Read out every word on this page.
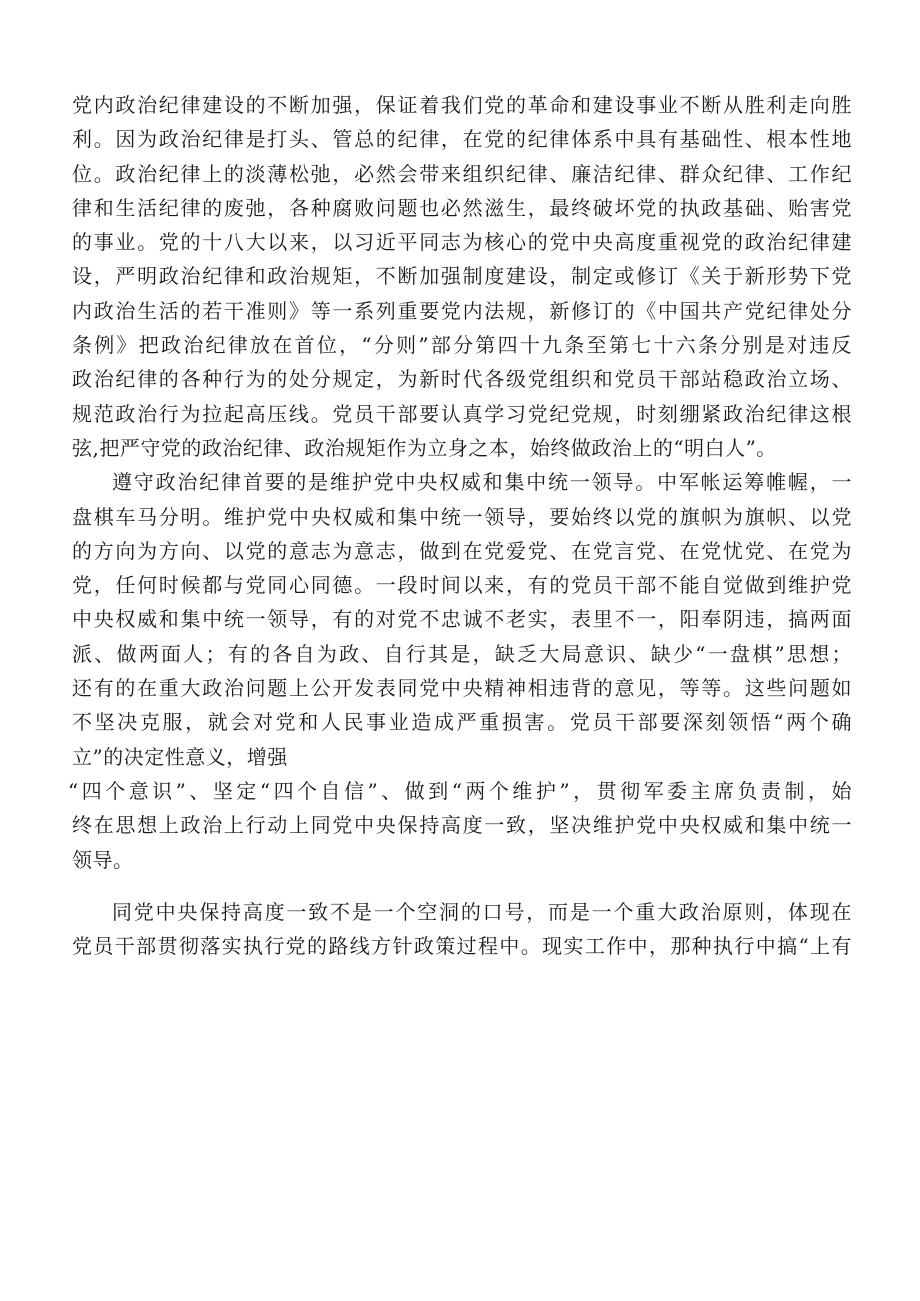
党内政治纪律建设的不断加强，保证着我们党的革命和建设事业不断从胜利走向胜
利。因为政治纪律是打头、管总的纪律，在党的纪律体系中具有基础性、根本性地
位。政治纪律上的淡薄松弛，必然会带来组织纪律、廉洁纪律、群众纪律、工作纪
律和生活纪律的废弛，各种腐败问题也必然滋生，最终破坏党的执政基础、贻害党
的事业。党的十八大以来，以习近平同志为核心的党中央高度重视党的政治纪律建
设，严明政治纪律和政治规矩，不断加强制度建设，制定或修订《关于新形势下党
内政治生活的若干准则》等一系列重要党内法规，新修订的《中国共产党纪律处分
条例》把政治纪律放在首位，“分则”部分第四十九条至第七十六条分别是对违反
政治纪律的各种行为的处分规定，为新时代各级党组织和党员干部站稳政治立场、
规范政治行为拉起高压线。党员干部要认真学习党纪党规，时刻绷紧政治纪律这根
弦,把严守党的政治纪律、政治规矩作为立身之本，始终做政治上的“明白人”。
遵守政治纪律首要的是维护党中央权威和集中统一领导。中军帐运筹帷幄，一
盘棋车马分明。维护党中央权威和集中统一领导，要始终以党的旗帜为旗帜、以党
的方向为方向、以党的意志为意志，做到在党爱党、在党言党、在党忧党、在党为
党，任何时候都与党同心同德。一段时间以来，有的党员干部不能自觉做到维护党
中央权威和集中统一领导，有的对党不忠诚不老实，表里不一，阳奉阴违，搞两面
派、做两面人；有的各自为政、自行其是，缺乏大局意识、缺少“一盘棋”思想；
还有的在重大政治问题上公开发表同党中央精神相违背的意见，等等。这些问题如
不坚决克服，就会对党和人民事业造成严重损害。党员干部要深刻领悟“两个确
立”的决定性意义，增强
“四个意识”、坚定“四个自信”、做到“两个维护”，贯彻军委主席负责制，始
终在思想上政治上行动上同党中央保持高度一致，坚决维护党中央权威和集中统一
领导。
同党中央保持高度一致不是一个空洞的口号，而是一个重大政治原则，体现在
党员干部贯彻落实执行党的路线方针政策过程中。现实工作中，那种执行中搞“上有
